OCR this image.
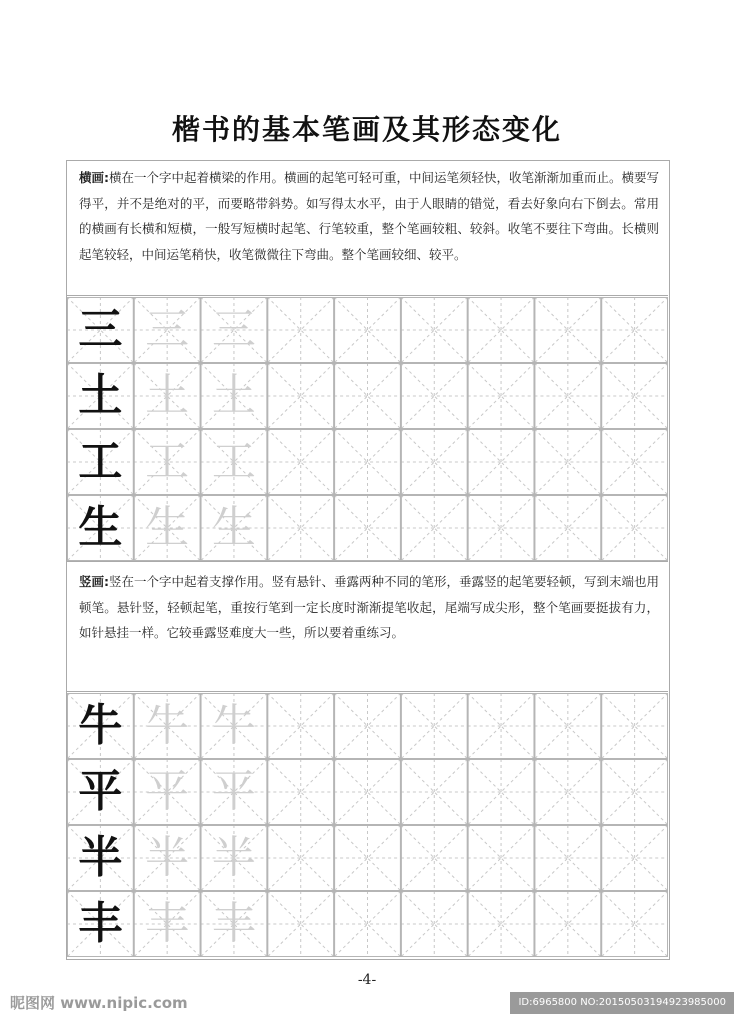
楷书的基本笔画及其形态变化
横画:横在一个字中起着横梁的作用。横画的起笔可轻可重，中间运笔须轻快，收笔渐渐加重而止。横要写得平，并不是绝对的平，而要略带斜势。如写得太水平，由于人眼睛的错觉，看去好象向右下倒去。常用的横画有长横和短横，一般写短横时起笔、行笔较重，整个笔画较粗、较斜。收笔不要往下弯曲。长横则起笔较轻，中间运笔稍快，收笔微微往下弯曲。整个笔画较细、较平。
三 三 三
土 土 土
工 工 工
生 生 生
竖画:竖在一个字中起着支撑作用。竖有悬针、垂露两种不同的笔形，垂露竖的起笔要轻顿，写到末端也用顿笔。悬针竖，轻顿起笔，重按行笔到一定长度时渐渐提笔收起，尾端写成尖形，整个笔画要挺拔有力，如针悬挂一样。它较垂露竖难度大一些，所以要着重练习。
牛 牛 牛
平 平 平
半 半 半
丰 丰 丰
-4-
昵图网 www.nipic.com	ID:6965800 NO:20150503194923985000
